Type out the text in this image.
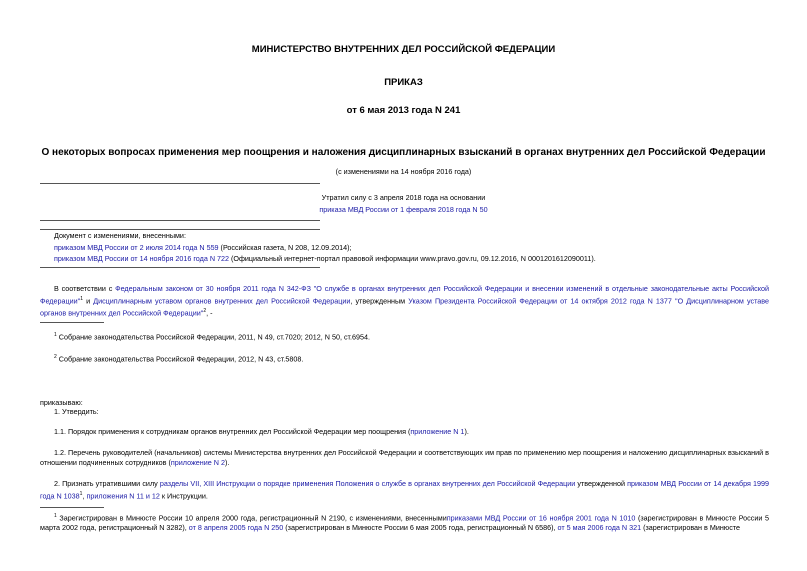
МИНИСТЕРСТВО ВНУТРЕННИХ ДЕЛ РОССИЙСКОЙ ФЕДЕРАЦИИ
ПРИКАЗ
от 6 мая 2013 года N 241
О некоторых вопросах применения мер поощрения и наложения дисциплинарных взысканий в органах внутренних дел Российской Федерации
(с изменениями на 14 ноября 2016 года)
Утратил силу с 3 апреля 2018 года на основании
приказа МВД России от 1 февраля 2018 года N 50
Документ с изменениями, внесенными:
приказом МВД России от 2 июля 2014 года N 559 (Российская газета, N 208, 12.09.2014);
приказом МВД России от 14 ноября 2016 года N 722 (Официальный интернет-портал правовой информации www.pravo.gov.ru, 09.12.2016, N 0001201612090011).
В соответствии с Федеральным законом от 30 ноября 2011 года N 342-ФЗ "О службе в органах внутренних дел Российской Федерации и внесении изменений в отдельные законодательные акты Российской Федерации"$^1$ и Дисциплинарным уставом органов внутренних дел Российской Федерации, утвержденным Указом Президента Российской Федерации от 14 октября 2012 года N 1377 "О Дисциплинарном уставе органов внутренних дел Российской Федерации"$^2$, -
$^1$ Собрание законодательства Российской Федерации, 2011, N 49, ст.7020; 2012, N 50, ст.6954.
$^2$ Собрание законодательства Российской Федерации, 2012, N 43, ст.5808.
приказываю:
1. Утвердить:
1.1. Порядок применения к сотрудникам органов внутренних дел Российской Федерации мер поощрения (приложение N 1).
1.2. Перечень руководителей (начальников) системы Министерства внутренних дел Российской Федерации и соответствующих им прав по применению мер поощрения и наложению дисциплинарных взысканий в отношении подчиненных сотрудников (приложение N 2).
2. Признать утратившими силу разделы VII, XIII Инструкции о порядке применения Положения о службе в органах внутренних дел Российской Федерации утвержденной приказом МВД России от 14 декабря 1999 года N 1038$^1$, приложения N 11 и 12 к Инструкции.
$^1$ Зарегистрирован в Минюсте России 10 апреля 2000 года, регистрационный N 2190, с изменениями, внесеннымиприказами МВД России от 16 ноября 2001 года N 1010 (зарегистрирован в Минюсте России 5 марта 2002 года, регистрационный N 3282), от 8 апреля 2005 года N 250 (зарегистрирован в Минюсте России 6 мая 2005 года, регистрационный N 6586), от 5 мая 2006 года N 321 (зарегистрирован в Минюсте
